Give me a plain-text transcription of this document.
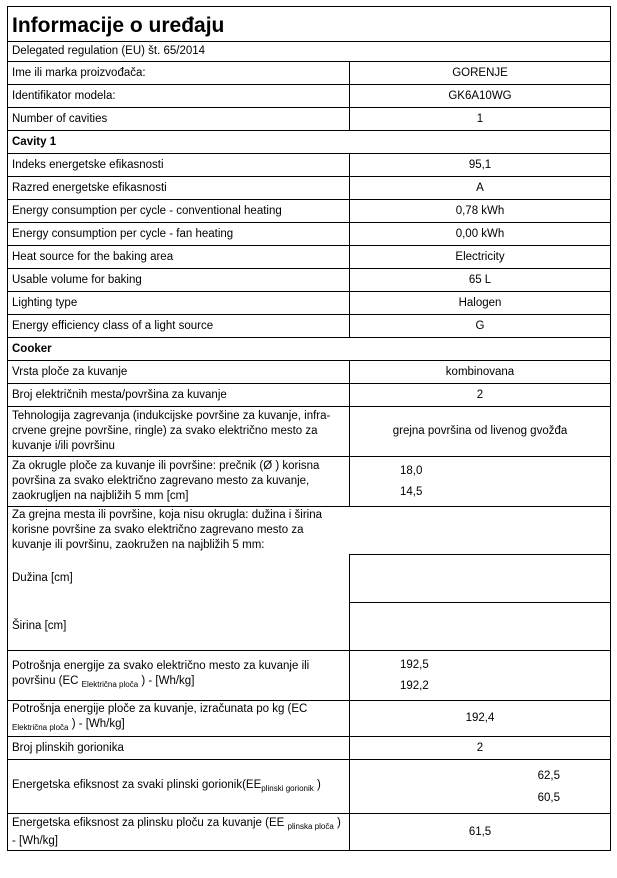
Informacije o uređaju	
Delegated regulation (EU) št. 65/2014	
Ime ili marka proizvođača:	GORENJE
Identifikator modela:	GK6A10WG
Number of cavities	1
Cavity 1	
Indeks energetske efikasnosti	95,1
Razred energetske efikasnosti	A
Energy consumption per cycle - conventional heating	0,78 kWh
Energy consumption per cycle - fan heating	0,00 kWh
Heat source for the baking area	Electricity
Usable volume for baking	65 L
Lighting type	Halogen
Energy efficiency class of a light source	G
Cooker	
Vrsta ploče za kuvanje	kombinovana
Broj električnih mesta/površina za kuvanje	2
Tehnologija zagrevanja (indukcijske površine za kuvanje, infra-crvene grejne površine, ringle) za svako električno mesto za kuvanje i/ili površinu	grejna površina od livenog gvožđa
Za okrugle ploče za kuvanje ili površine: prečnik (Ø ) korisna površina za svako električno zagrevano mesto za kuvanje, zaokrugljen na najbližih 5 mm [cm]	18,0
14,5

Za grejna mesta ili površine, koja nisu okrugla: dužina i širina korisne površine za svako električno zagrevano mesto za kuvanje ili površinu, zaokružen na najbližih 5 mm:	

Dužina [cm]	
Širina [cm]	
Potrošnja energije za svako električno mesto za kuvanje ili površinu (EC $_{Električna ploča}$ ) - [Wh/kg]	192,5
192,2

Potrošnja energije ploče za kuvanje, izračunata po kg (EC $_{Električna ploča}$ ) - [Wh/kg]	192,4
Broj plinskih gorionika	2
Energetska efiksnost za svaki plinski $gorionik(EE_{plinski gorionik}$ )	62,5
60,5

Energetska efiksnost za plinsku ploču za kuvanje (EE $_{plinska ploča}$ ) - [Wh/kg]	61,5
